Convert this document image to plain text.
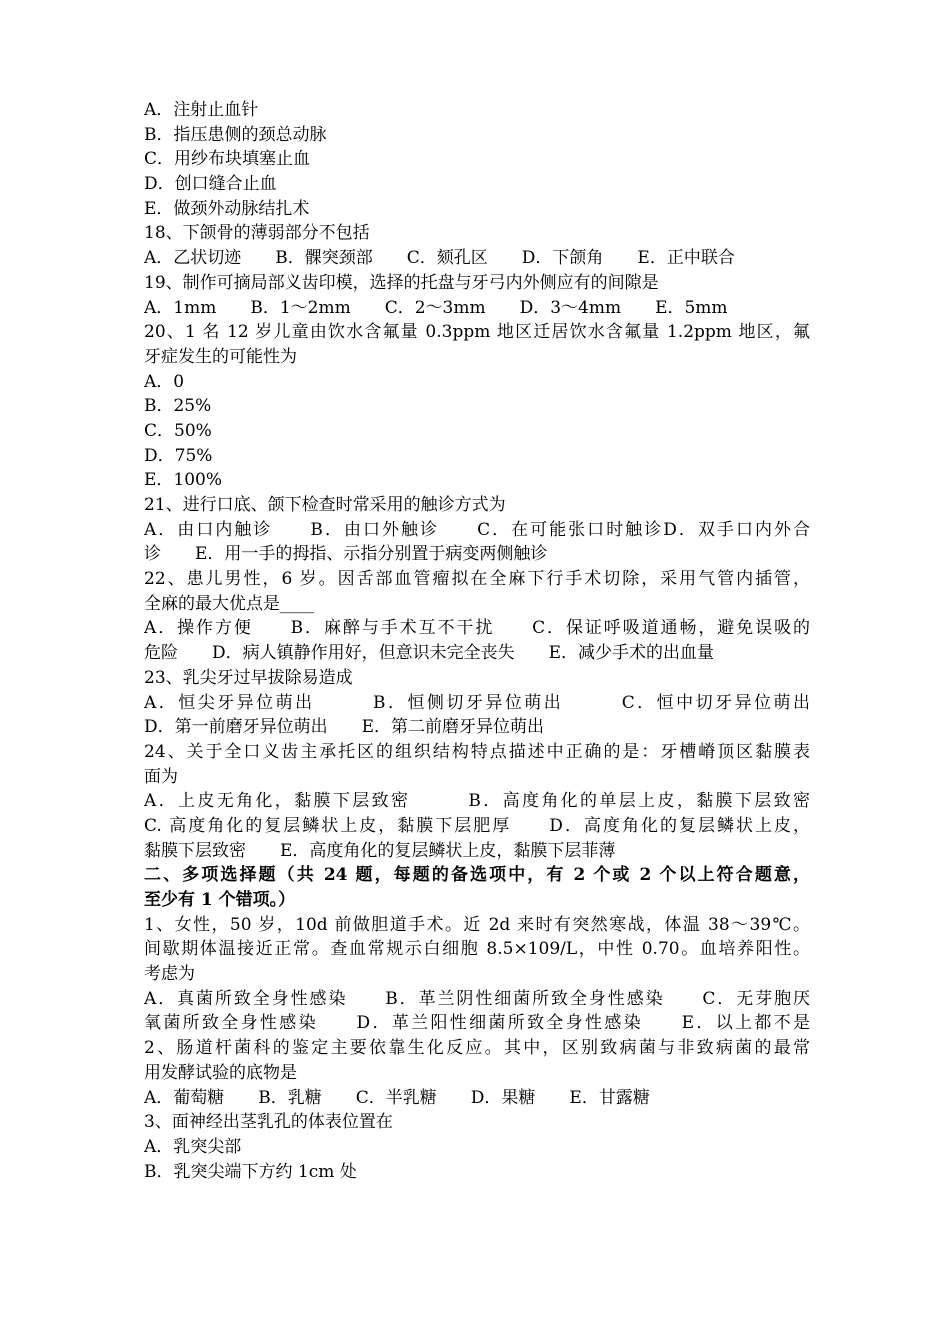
A．注射止血针
B．指压患侧的颈总动脉
C．用纱布块填塞止血
D．创口缝合止血
E．做颈外动脉结扎术
18、下颌骨的薄弱部分不包括
A．乙状切迹　　B．髁突颈部　　C．颏孔区　　D．下颌角　　E．正中联合
19、制作可摘局部义齿印模，选择的托盘与牙弓内外侧应有的间隙是
A．1mm　　B．1～2mm　　C．2～3mm　　D．3～4mm　　E．5mm
20、1 名 12 岁儿童由饮水含氟量 0.3ppm 地区迁居饮水含氟量 1.2ppm 地区，氟
牙症发生的可能性为
A．0
B．25%
C．50%
D．75%
E．100%
21、进行口底、颌下检查时常采用的触诊方式为
A．由口内触诊　　B．由口外触诊　　C．在可能张口时触诊D．双手口内外合
诊　　E．用一手的拇指、示指分别置于病变两侧触诊
22、患儿男性，6 岁。因舌部血管瘤拟在全麻下行手术切除，采用气管内插管，
全麻的最大优点是____
A．操作方便　　B．麻醉与手术互不干扰　　C．保证呼吸道通畅，避免误吸的
危险　　D．病人镇静作用好，但意识未完全丧失　　E．减少手术的出血量
23、乳尖牙过早拔除易造成
A．恒尖牙异位萌出　　　B．恒侧切牙异位萌出　　　C．恒中切牙异位萌出
D．第一前磨牙异位萌出　　E．第二前磨牙异位萌出
24、关于全口义齿主承托区的组织结构特点描述中正确的是：牙槽嵴顶区黏膜表
面为
A．上皮无角化，黏膜下层致密　　　B．高度角化的单层上皮，黏膜下层致密
C. 高度角化的复层鳞状上皮，黏膜下层肥厚　　D．高度角化的复层鳞状上皮，
黏膜下层致密　　E．高度角化的复层鳞状上皮，黏膜下层菲薄
二、多项选择题（共 24 题，每题的备选项中，有 2 个或 2 个以上符合题意，
至少有 1 个错项。）
1、女性，50 岁，10d 前做胆道手术。近 2d 来时有突然寒战，体温 38～39℃。
间歇期体温接近正常。查血常规示白细胞 8.5×109/L，中性 0.70。血培养阳性。
考虑为
A．真菌所致全身性感染　　B．革兰阴性细菌所致全身性感染　　C．无芽胞厌
氧菌所致全身性感染　　D．革兰阳性细菌所致全身性感染　　E．以上都不是
2、肠道杆菌科的鉴定主要依靠生化反应。其中，区别致病菌与非致病菌的最常
用发酵试验的底物是
A．葡萄糖　　B．乳糖　　C．半乳糖　　D．果糖　　E．甘露糖
3、面神经出茎乳孔的体表位置在
A．乳突尖部
B．乳突尖端下方约 1cm 处
